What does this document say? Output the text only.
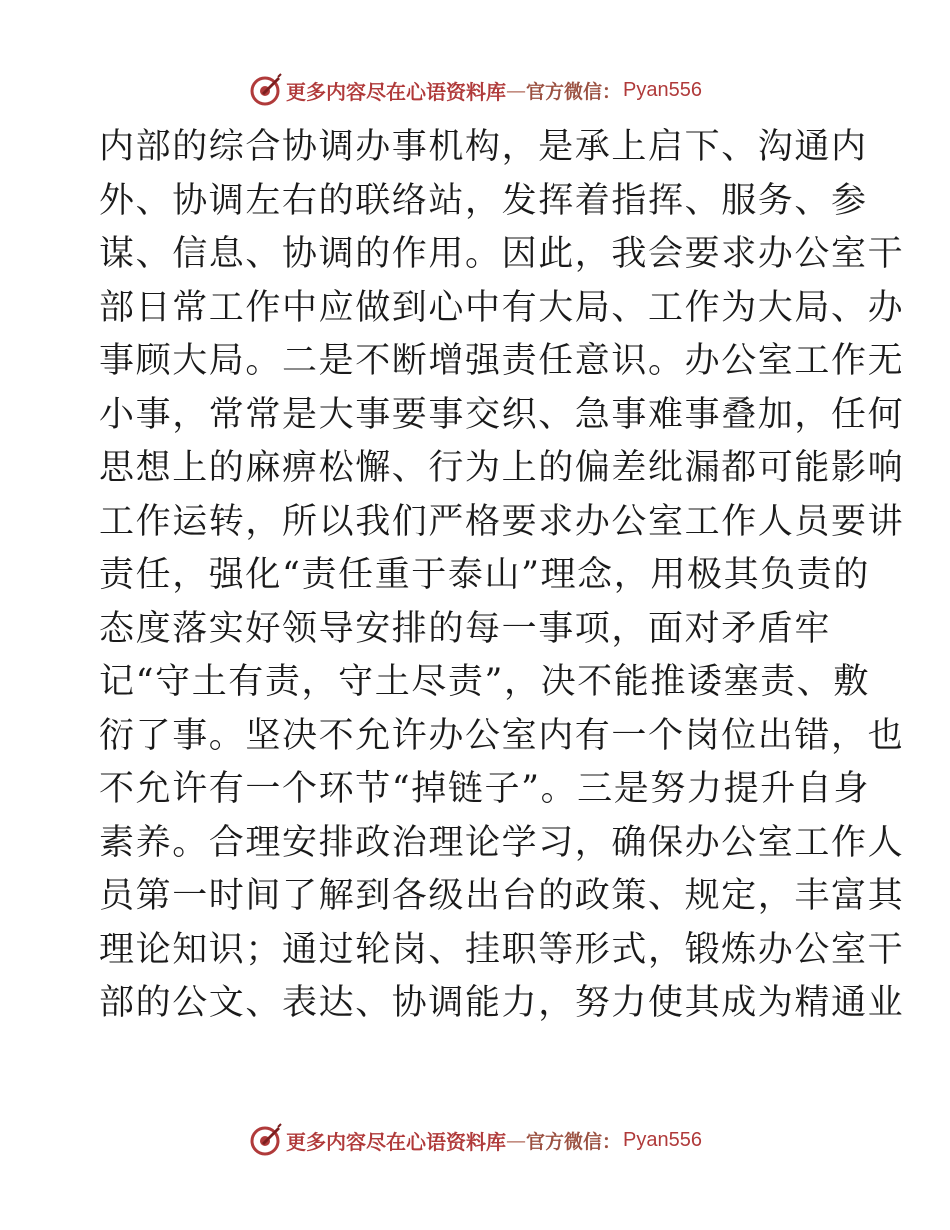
更多内容尽在心语资料库 — 官方微信： Pyan556
内部的综合协调办事机构，是承上启下、沟通内
外、协调左右的联络站，发挥着指挥、服务、参
谋、信息、协调的作用。因此，我会要求办公室干
部日常工作中应做到心中有大局、工作为大局、办
事顾大局。二是不断增强责任意识。办公室工作无
小事，常常是大事要事交织、急事难事叠加，任何
思想上的麻痹松懈、行为上的偏差纰漏都可能影响
工作运转，所以我们严格要求办公室工作人员要讲
责任，强化“责任重于泰山”理念，用极其负责的
态度落实好领导安排的每一事项，面对矛盾牢
记“守土有责，守土尽责”，决不能推诿塞责、敷
衍了事。坚决不允许办公室内有一个岗位出错，也
不允许有一个环节“掉链子”。三是努力提升自身
素养。合理安排政治理论学习，确保办公室工作人
员第一时间了解到各级出台的政策、规定，丰富其
理论知识；通过轮岗、挂职等形式，锻炼办公室干
部的公文、表达、协调能力，努力使其成为精通业
更多内容尽在心语资料库 — 官方微信： Pyan556
